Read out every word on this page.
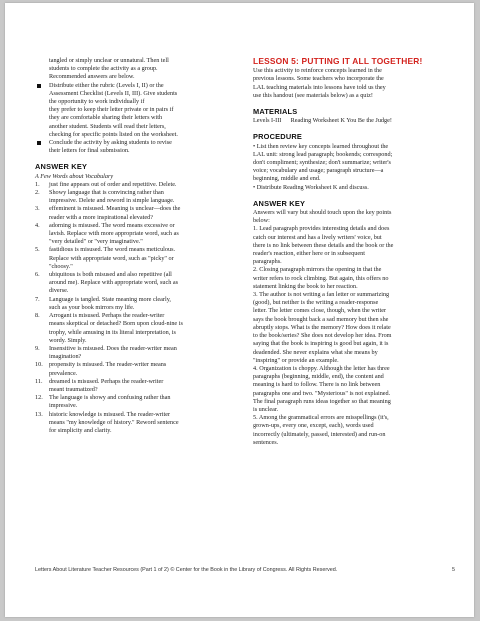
tangled or simply unclear or unnatural. Then tell

students to complete the activity as a group.

Recommended answers are below.

Distribute either the rubric (Levels I, II) or the

Assessment Checklist (Levels II, III). Give students

the opportunity to work individually if

they prefer to keep their letter private or in pairs if

they are comfortable sharing their letters with

another student. Students will read their letters,

checking for specific points listed on the worksheet.

Conclude the activity by asking students to revise

their letters for final submission.

ANSWER KEY

A Few Words about Vocabulary

1. just fine appears out of order and repetitive. Delete.

2. Showy language that is convincing rather than

impressive. Delete and reword in simple language.

3. effeminent is misused. Meaning is unclear—does the

reader with a more inspirational elevated?

4. adorning is misused. The word means excessive or

lavish. Replace with more appropriate word, such as

"very detailed" or "very imaginative."

5. fastidious is misused. The word means meticulous.

Replace with appropriate word, such as "picky" or

"choosy."

6. ubiquitous is both misused and also repetitive (all

around me). Replace with appropriate word, such as

diverse.

7. Language is tangled. State meaning more clearly,

such as your book mirrors my life.

8. Arrogant is misused. Perhaps the reader-writer

means skeptical or detached? Born upon cloud-nine is

trophy, while amusing in its literal interpretation, is

wordy. Simply.

9. Insensitive is misused. Does the reader-writer mean

imagination?

10. propensity is misused. The reader-writer means

prevalence.

11. dreamed is misused. Perhaps the reader-writer

meant traumatized?

12. The language is showy and confusing rather than

impressive.

13. historic knowledge is misused. The reader-writer

means "my knowledge of history." Reword sentence

for simplicity and clarity.

LESSON 5: PUTTING IT ALL TOGETHER!

Use this activity to reinforce concepts learned in the

previous lessons. Some teachers who incorporate the

LAL teaching materials into lessons have told us they

use this handout (see materials below) as a quiz!

MATERIALS

Levels I-III      Reading Worksheet K You Be the Judge!

PROCEDURE

• List then review key concepts learned throughout the

LAL unit: strong lead paragraph; bookends; correspond;

don't compliment; synthesize; don't summarize; writer's

voice; vocabulary and usage; paragraph structure—a

beginning, middle and end.

• Distribute Reading Worksheet K and discuss.

ANSWER KEY

Answers will vary but should touch upon the key points

below:

1. Lead paragraph provides interesting details and does

catch our interest and has a lively writers' voice, but

there is no link between these details and the book or the

reader's reaction, either here or in subsequent

paragraphs.

2. Closing paragraph mirrors the opening in that the

writer refers to rock climbing. But again, this offers no

statement linking the book to her reaction.

3. The author is not writing a fan letter or summarizing

(good), but neither is the writing a reader-response

letter. The letter comes close, though, when the writer

says the book brought back a sad memory but then she

abruptly stops. What is the memory? How does it relate

to the book/series? She does not develop her idea. From

saying that the book is inspiring is good but again, it is

deadended. She never explains what she means by

"inspiring" or provide an example.

4. Organization is choppy. Although the letter has three

paragraphs (beginning, middle, end), the content and

meaning is hard to follow. There is no link between

paragraphs one and two. "Mysterious" is not explained.

The final paragraph runs ideas together so that meaning

is unclear.

5. Among the grammatical errors are misspellings (it's,

grown-ups, every one, except, each), words used

incorrectly (ultimately, passed, interested) and run-on

sentences.

Letters About Literature Teacher Resources (Part 1 of 2) © Center for the Book in the Library of Congress. All Rights Reserved.	5
